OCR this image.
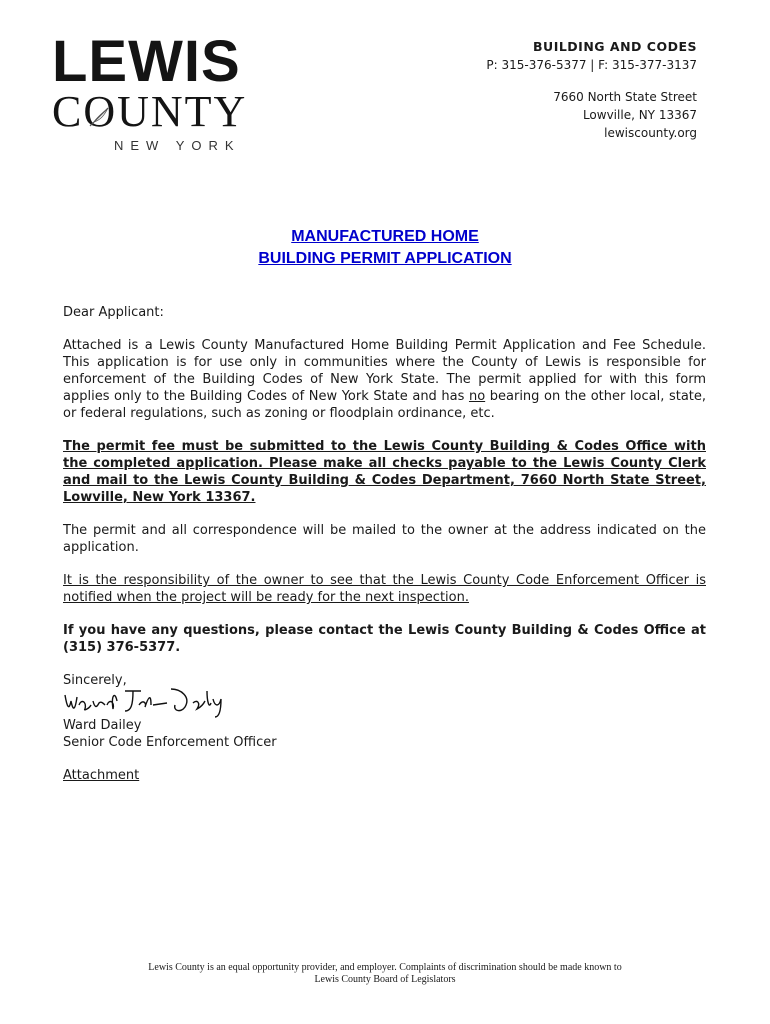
LEWIS
COUNTY
NEW YORK
BUILDING AND CODES
P: 315-376-5377 | F: 315-377-3137
7660 North State Street
Lowville, NY 13367
lewiscounty.org
MANUFACTURED HOME
BUILDING PERMIT APPLICATION

Dear Applicant:

Attached is a Lewis County Manufactured Home Building Permit Application and Fee Schedule. This application is for use only in communities where the County of Lewis is responsible for enforcement of the Building Codes of New York State. The permit applied for with this form applies only to the Building Codes of New York State and has no bearing on the other local, state, or federal regulations, such as zoning or floodplain ordinance, etc.

The permit fee must be submitted to the Lewis County Building & Codes Office with the completed application. Please make all checks payable to the Lewis County Clerk and mail to the Lewis County Building & Codes Department, 7660 North State Street, Lowville, New York 13367.

The permit and all correspondence will be mailed to the owner at the address indicated on the application.

It is the responsibility of the owner to see that the Lewis County Code Enforcement Officer is notified when the project will be ready for the next inspection.

If you have any questions, please contact the Lewis County Building & Codes Office at (315) 376-5377.

Sincerely,
Ward Dailey
Senior Code Enforcement Officer

Attachment

Lewis County is an equal opportunity provider, and employer. Complaints of discrimination should be made known to
Lewis County Board of Legislators
